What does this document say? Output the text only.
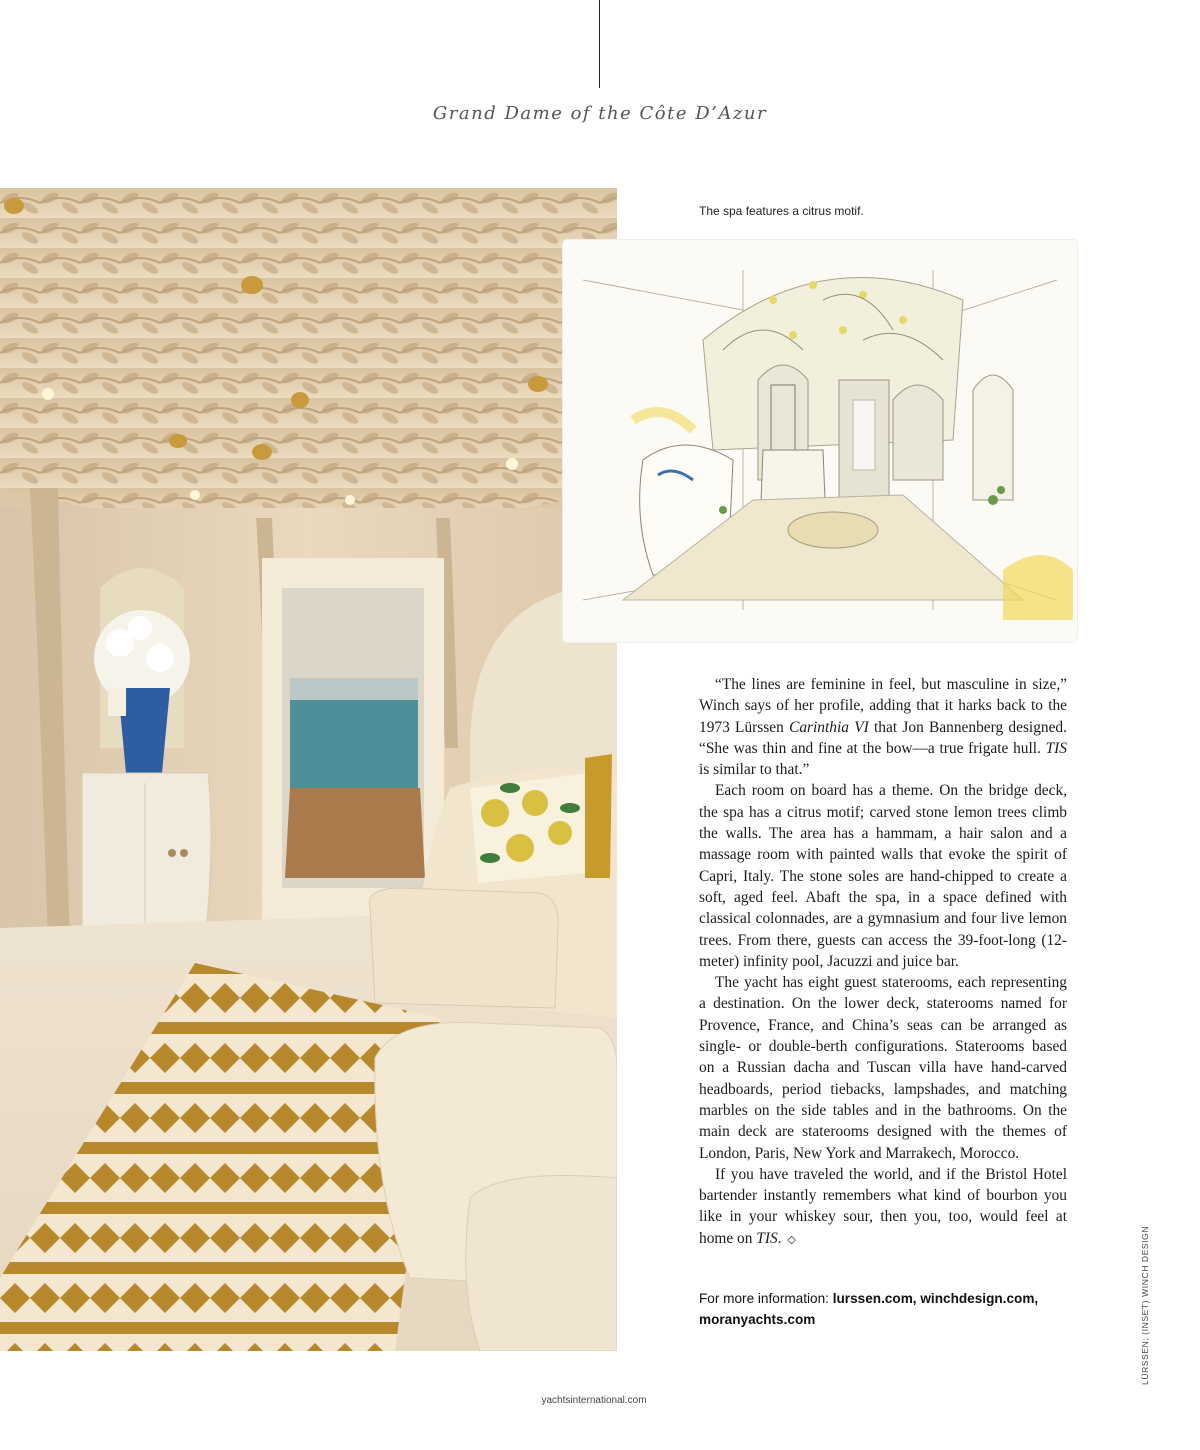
Grand Dame of the Côte D’Azur
The spa features a citrus motif.

“The lines are feminine in feel, but masculine in size,” Winch says of her profile, adding that it harks back to the 1973 Lürssen Carinthia VI that Jon Bannenberg designed. “She was thin and fine at the bow—a true frigate hull. TIS is similar to that.”

Each room on board has a theme. On the bridge deck, the spa has a citrus motif; carved stone lemon trees climb the walls. The area has a hammam, a hair salon and a massage room with painted walls that evoke the spirit of Capri, Italy. The stone soles are hand-chipped to create a soft, aged feel. Abaft the spa, in a space defined with classical colonnades, are a gymnasium and four live lemon trees. From there, guests can access the 39-foot-long (12-meter) infinity pool, Jacuzzi and juice bar.

The yacht has eight guest staterooms, each representing a destination. On the lower deck, staterooms named for Provence, France, and China’s seas can be arranged as single- or double-berth configurations. Staterooms based on a Russian dacha and Tuscan villa have hand-carved headboards, period tiebacks, lampshades, and matching marbles on the side tables and in the bathrooms. On the main deck are staterooms designed with the themes of London, Paris, New York and Marrakech, Morocco.

If you have traveled the world, and if the Bristol Hotel bartender instantly remembers what kind of bourbon you like in your whiskey sour, then you, too, would feel at home on TIS. ◇

For more information: lurssen.com, winchdesign.com, moranyachts.com	LÜRSSEN; (INSET) WINCH DESIGN
yachtsinternational.com
